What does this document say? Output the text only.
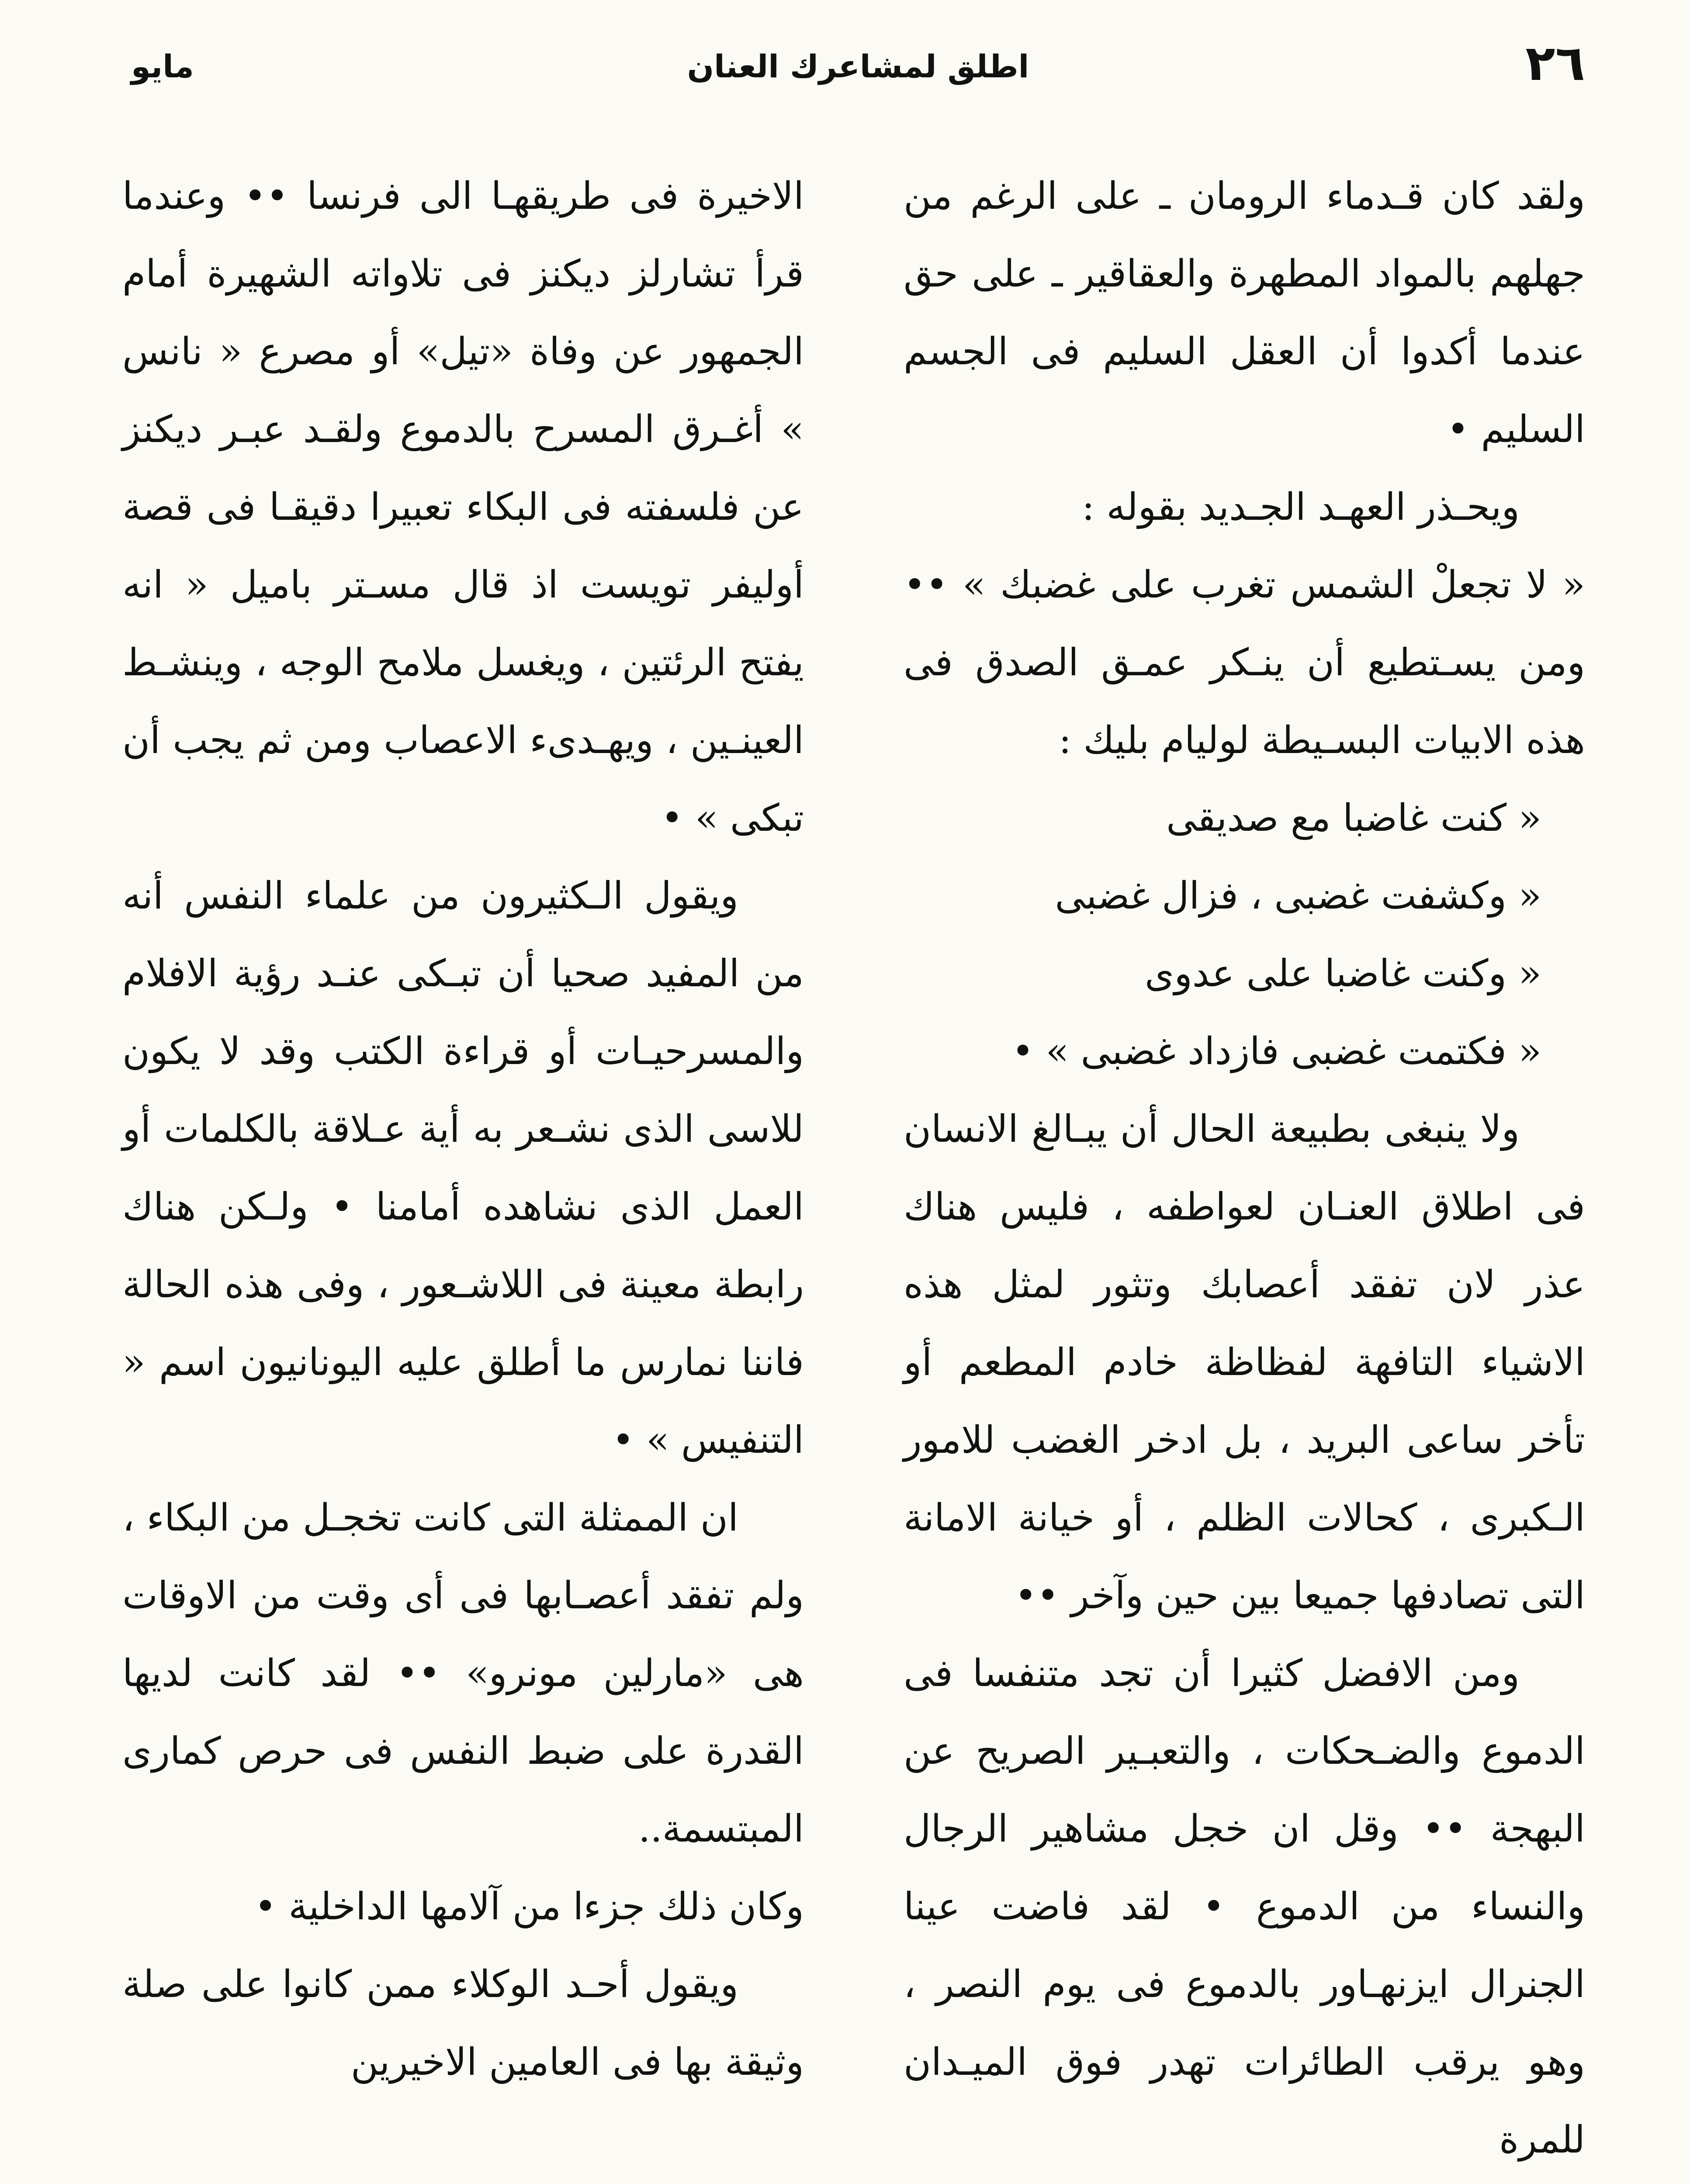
٢٦
اطلق لمشاعرك العنان
مايو

ولقد كان قـدماء الرومان ـ على الرغم من جهلهم بالمواد المطهرة والعقاقير ـ على حق عندما أكدوا أن العقل السليم فى الجسم السليم •

ويحـذر العهـد الجـديد بقوله :

« لا تجعلْ الشمس تغرب على غضبك » •• ومن يسـتطيع أن ينـكر عمـق الصدق فى هذه الابيات البسـيطة لوليام بليك :

« كنت غاضبا مع صديقى

« وكشفت غضبى ، فزال غضبى

« وكنت غاضبا على عدوى

« فكتمت غضبى فازداد غضبى » •

ولا ينبغى بطبيعة الحال أن يبـالغ الانسان فى اطلاق العنـان لعواطفه ، فليس هناك عذر لان تفقد أعصابك وتثور لمثل هذه الاشياء التافهة لفظاظة خادم المطعم أو تأخر ساعى البريد ، بل ادخر الغضب للامور الـكبرى ، كحالات الظلم ، أو خيانة الامانة التى تصادفها جميعا بين حين وآخر ••

ومن الافضل كثيرا أن تجد متنفسا فى الدموع والضـحكات ، والتعبـير الصريح عن البهجة •• وقل ان خجل مشاهير الرجال والنساء من الدموع • لقد فاضت عينا الجنرال ايزنهـاور بالدموع فى يوم النصر ، وهو يرقب الطائرات تهدر فوق الميـدان للمرة

الاخيرة فى طريقهـا الى فرنسا •• وعندما قرأ تشارلز ديكنز فى تلاواته الشهيرة أمام الجمهور عن وفاة «تيل» أو مصرع « نانس » أغـرق المسرح بالدموع ولقـد عبـر ديكنز عن فلسفته فى البكاء تعبيرا دقيقـا فى قصة أوليفر تويست اذ قال مسـتر باميل « انه يفتح الرئتين ، ويغسل ملامح الوجه ، وينشـط العينـين ، ويهـدىء الاعصاب ومن ثم يجب أن تبكى » •

ويقول الـكثيرون من علماء النفس أنه من المفيد صحيا أن تبـكى عنـد رؤية الافلام والمسرحيـات أو قراءة الكتب وقد لا يكون للاسى الذى نشـعر به أية عـلاقة بالكلمات أو العمل الذى نشاهده أمامنا • ولـكن هناك رابطة معينة فى اللاشـعور ، وفى هذه الحالة فاننا نمارس ما أطلق عليه اليونانيون اسم « التنفيس » •

ان الممثلة التى كانت تخجـل من البكاء ، ولم تفقد أعصـابها فى أى وقت من الاوقات هى «مارلين مونرو» •• لقد كانت لديها القدرة على ضبط النفس فى حرص كمارى المبتسمة..

وكان ذلك جزءا من آلامها الداخلية •

ويقول أحـد الوكلاء ممن كانوا على صلة وثيقة بها فى العامين الاخيرين
